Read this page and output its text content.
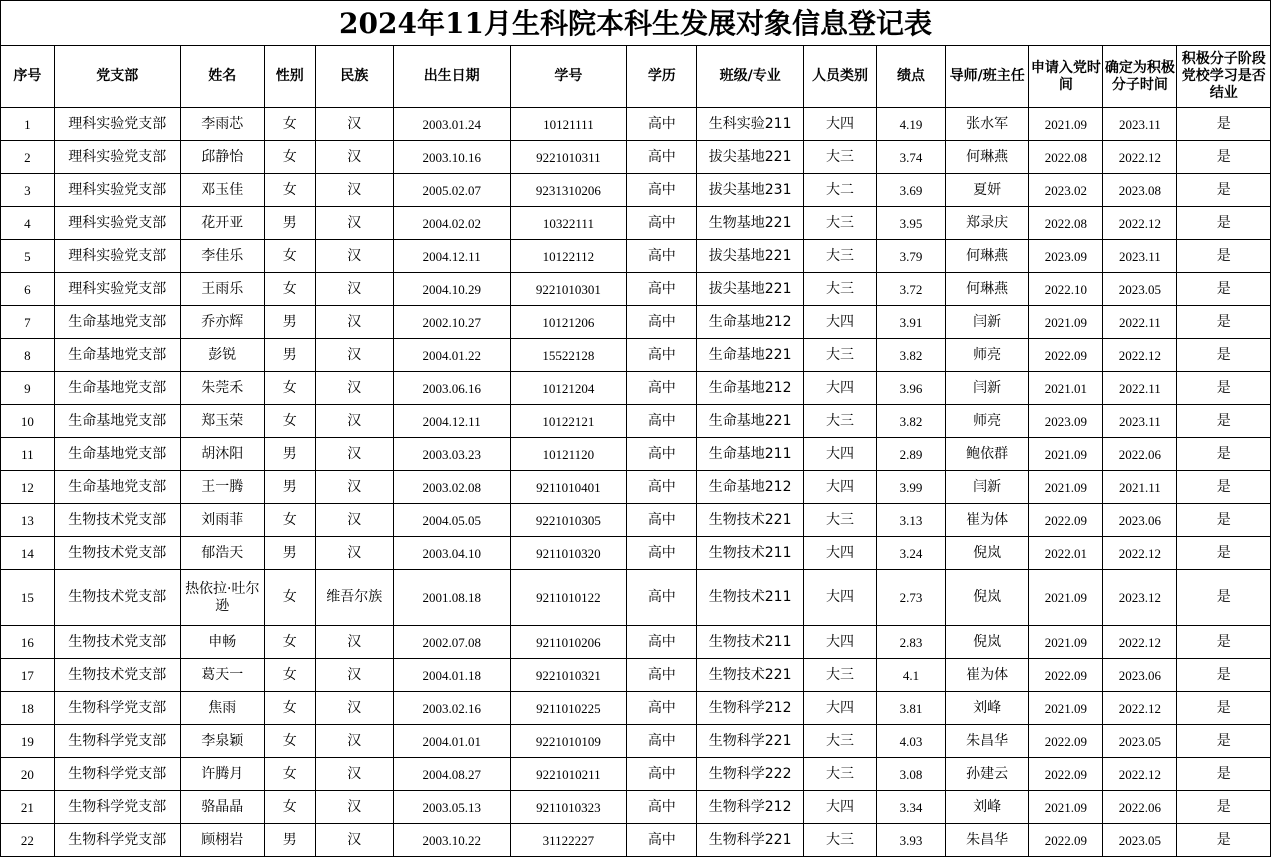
2024年11月生科院本科生发展对象信息登记表
序号	党支部	姓名	性别	民族	出生日期	学号	学历	班级/专业	人员类别	绩点	导师/班主任	申请入党时间	确定为积极分子时间	积极分子阶段党校学习是否结业
1	理科实验党支部	李雨芯	女	汉	2003.01.24	10121111	高中	生科实验211	大四	4.19	张水军	2021.09	2023.11	是
2	理科实验党支部	邱静怡	女	汉	2003.10.16	9221010311	高中	拔尖基地221	大三	3.74	何琳燕	2022.08	2022.12	是
3	理科实验党支部	邓玉佳	女	汉	2005.02.07	9231310206	高中	拔尖基地231	大二	3.69	夏妍	2023.02	2023.08	是
4	理科实验党支部	花开亚	男	汉	2004.02.02	10322111	高中	生物基地221	大三	3.95	郑录庆	2022.08	2022.12	是
5	理科实验党支部	李佳乐	女	汉	2004.12.11	10122112	高中	拔尖基地221	大三	3.79	何琳燕	2023.09	2023.11	是
6	理科实验党支部	王雨乐	女	汉	2004.10.29	9221010301	高中	拔尖基地221	大三	3.72	何琳燕	2022.10	2023.05	是
7	生命基地党支部	乔亦辉	男	汉	2002.10.27	10121206	高中	生命基地212	大四	3.91	闫新	2021.09	2022.11	是
8	生命基地党支部	彭锐	男	汉	2004.01.22	15522128	高中	生命基地221	大三	3.82	师亮	2022.09	2022.12	是
9	生命基地党支部	朱莞禾	女	汉	2003.06.16	10121204	高中	生命基地212	大四	3.96	闫新	2021.01	2022.11	是
10	生命基地党支部	郑玉荣	女	汉	2004.12.11	10122121	高中	生命基地221	大三	3.82	师亮	2023.09	2023.11	是
11	生命基地党支部	胡沐阳	男	汉	2003.03.23	10121120	高中	生命基地211	大四	2.89	鲍依群	2021.09	2022.06	是
12	生命基地党支部	王一腾	男	汉	2003.02.08	9211010401	高中	生命基地212	大四	3.99	闫新	2021.09	2021.11	是
13	生物技术党支部	刘雨菲	女	汉	2004.05.05	9221010305	高中	生物技术221	大三	3.13	崔为体	2022.09	2023.06	是
14	生物技术党支部	郁浩天	男	汉	2003.04.10	9211010320	高中	生物技术211	大四	3.24	倪岚	2022.01	2022.12	是
15	生物技术党支部	热依拉·吐尔逊	女	维吾尔族	2001.08.18	9211010122	高中	生物技术211	大四	2.73	倪岚	2021.09	2023.12	是
16	生物技术党支部	申畅	女	汉	2002.07.08	9211010206	高中	生物技术211	大四	2.83	倪岚	2021.09	2022.12	是
17	生物技术党支部	葛天一	女	汉	2004.01.18	9221010321	高中	生物技术221	大三	4.1	崔为体	2022.09	2023.06	是
18	生物科学党支部	焦雨	女	汉	2003.02.16	9211010225	高中	生物科学212	大四	3.81	刘峰	2021.09	2022.12	是
19	生物科学党支部	李泉颖	女	汉	2004.01.01	9221010109	高中	生物科学221	大三	4.03	朱昌华	2022.09	2023.05	是
20	生物科学党支部	许腾月	女	汉	2004.08.27	9221010211	高中	生物科学222	大三	3.08	孙建云	2022.09	2022.12	是
21	生物科学党支部	骆晶晶	女	汉	2003.05.13	9211010323	高中	生物科学212	大四	3.34	刘峰	2021.09	2022.06	是
22	生物科学党支部	顾栩岩	男	汉	2003.10.22	31122227	高中	生物科学221	大三	3.93	朱昌华	2022.09	2023.05	是
